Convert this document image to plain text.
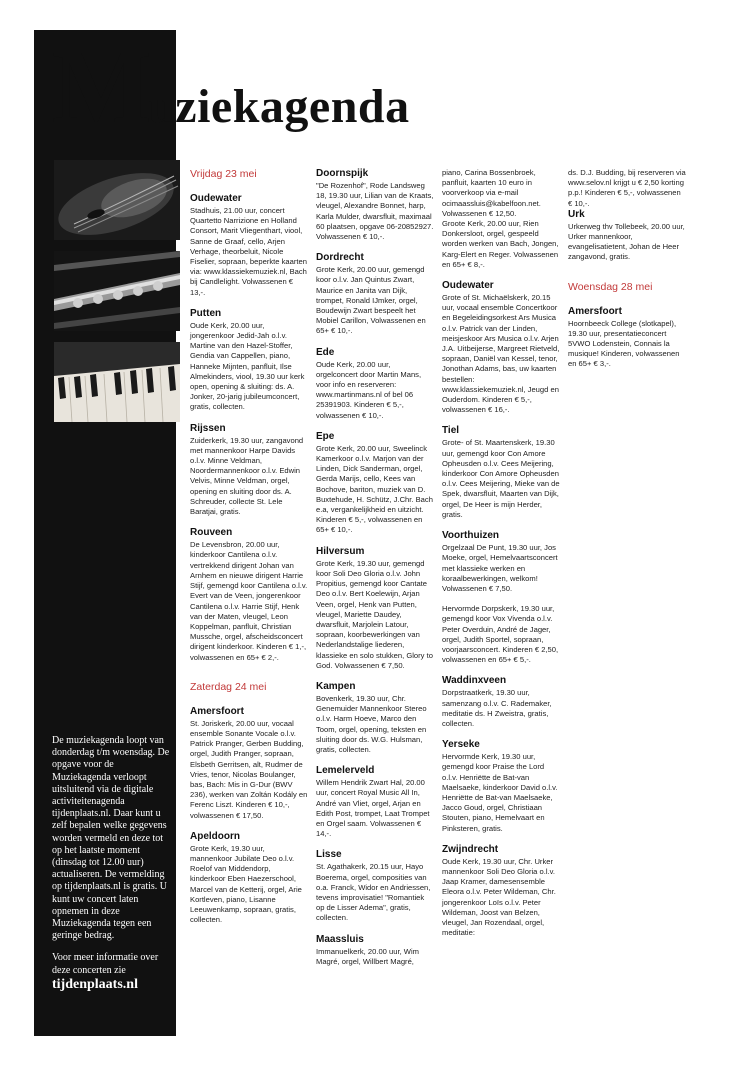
Muziekagenda

De muziekagenda loopt van donderdag t/m woensdag. De opgave voor de Muziekagenda verloopt uitsluitend via de digitale activiteitenagenda tijdenplaats.nl. Daar kunt u zelf bepalen welke gegevens worden vermeld en deze tot op het laatste moment (dinsdag tot 12.00 uur) actualiseren. De vermelding op tijdenplaats.nl is gratis. U kunt uw concert laten opnemen in deze Muziekagenda tegen een geringe bedrag.

Voor meer informatie over deze concerten zie

tijdenplaats.nl
Vrijdag 23 mei
Oudewater

Stadhuis, 21.00 uur, concert Quartetto Narrizione en Holland Consort, Marit Vliegenthart, viool, Sanne de Graaf, cello, Arjen Verhage, theorbeluit, Nicole Fiselier, sopraan, beperkte kaarten via: www.klassiekemuziek.nl, Bach bij Candlelight. Volwassenen € 13,-.

Putten

Oude Kerk, 20.00 uur, jongerenkoor Jedid-Jah o.l.v. Martine van den Hazel-Stoffer, Gendia van Cappellen, piano, Hanneke Mijnten, panfluit, Ilse Almekinders, viool, 19.30 uur kerk open, opening & sluiting: ds. A. Jonker, 20-jarig jubileumconcert, gratis, collecten.

Rijssen

Zuiderkerk, 19.30 uur, zangavond met mannenkoor Harpe Davids o.l.v. Minne Veldman, Noordermannenkoor o.l.v. Edwin Velvis, Minne Veldman, orgel, opening en sluiting door ds. A. Schreuder, collecte St. Lele Baratjai, gratis.

Rouveen

De Levensbron, 20.00 uur, kinderkoor Cantilena o.l.v. vertrekkend dirigent Johan van Arnhem en nieuwe dirigent Harrie Stijf, gemengd koor Cantilena o.l.v. Evert van de Veen, jongerenkoor Cantilena o.l.v. Harrie Stijf, Henk van der Maten, vleugel, Leon Koppelman, panfluit, Christian Mussche, orgel, afscheidsconcert dirigent kinderkoor. Kinderen € 1,-, volwassenen en 65+ € 2,-.

Zaterdag 24 mei
Amersfoort

St. Joriskerk, 20.00 uur, vocaal ensemble Sonante Vocale o.l.v. Patrick Pranger, Gerben Budding, orgel, Judith Pranger, sopraan, Elsbeth Gerritsen, alt, Rudmer de Vries, tenor, Nicolas Boulanger, bas, Bach: Mis in G-Dur (BWV 236), werken van Zoltán Kodály en Ferenc Liszt. Kinderen € 10,-, volwassenen € 17,50.

Apeldoorn

Grote Kerk, 19.30 uur, mannenkoor Jubilate Deo o.l.v. Roelof van Middendorp, kinderkoor Eben Haezerschool, Marcel van de Ketterij, orgel, Arie Kortleven, piano, Lisanne Leeuwenkamp, sopraan, gratis, collecten.

Doornspijk

"De Rozenhof", Rode Landsweg 18, 19.30 uur, Lilian van de Kraats, vleugel, Alexandre Bonnet, harp, Karla Mulder, dwarsfluit, maximaal 60 plaatsen, opgave 06-20852927. Volwassenen € 10,-.

Dordrecht

Grote Kerk, 20.00 uur, gemengd koor o.l.v. Jan Quintus Zwart, Maurice en Janita van Dijk, trompet, Ronald IJmker, orgel, Boudewijn Zwart bespeelt het Mobiel Carillon, Volwassenen en 65+ € 10,-.

Ede

Oude Kerk, 20.00 uur, orgelconcert door Martin Mans, voor info en reserveren: www.martinmans.nl of bel 06 25391903. Kinderen € 5,-, volwassenen € 10,-.

Epe

Grote Kerk, 20.00 uur, Sweelinck Kamerkoor o.l.v. Marjon van der Linden, Dick Sanderman, orgel, Gerda Marijs, cello, Kees van Bochove, bariton, muziek van D. Buxtehude, H. Schütz, J.Chr. Bach e.a, vergankelijkheid en uitzicht. Kinderen € 5,-, volwassenen en 65+ € 10,-.

Hilversum

Grote Kerk, 19.30 uur, gemengd koor Soli Deo Gloria o.l.v. John Propitius, gemengd koor Cantate Deo o.l.v. Bert Koelewijn, Arjan Veen, orgel, Henk van Putten, vleugel, Mariette Daudey, dwarsfluit, Marjolein Latour, sopraan, koorbewerkingen van Nederlandstalige liederen, klassieke en solo stukken, Glory to God. Volwassenen € 7,50.

Kampen

Bovenkerk, 19.30 uur, Chr. Genemuider Mannenkoor Stereo o.l.v. Harm Hoeve, Marco den Toom, orgel, opening, teksten en sluiting door ds. W.G. Hulsman, gratis, collecten.

Lemelerveld

Willem Hendrik Zwart Hal, 20.00 uur, concert Royal Music All In, André van Vliet, orgel, Arjan en Edith Post, trompet, Laat Trompet en Orgel saam. Volwassenen € 14,-.

Lisse

St. Agathakerk, 20.15 uur, Hayo Boerema, orgel, composities van o.a. Franck, Widor en Andriessen, tevens improvisatie! "Romantiek op de Lisser Adema", gratis, collecten.

Maassluis

Immanuelkerk, 20.00 uur, Wim Magré, orgel, Willbert Magré,

piano, Carina Bossenbroek, panfluit, kaarten 10 euro in voorverkoop via e-mail ocimaassluis@kabelfoon.net. Volwassenen € 12,50.

Groote Kerk, 20.00 uur, Rien Donkersloot, orgel, gespeeld worden werken van Bach, Jongen, Karg-Elert en Reger. Volwassenen en 65+ € 8,-.

Oudewater

Grote of St. Michaëlskerk, 20.15 uur, vocaal ensemble Concertkoor en Begeleidingsorkest Ars Musica o.l.v. Patrick van der Linden, meisjeskoor Ars Musica o.l.v. Arjen J.A. Uitbeijerse, Margreet Rietveld, sopraan, Daniël van Kessel, tenor, Jonothan Adams, bas, uw kaarten bestellen: www.klassiekemuziek.nl, Jeugd en Ouderdom. Kinderen € 5,-, volwassenen € 16,-.

Tiel

Grote- of St. Maartenskerk, 19.30 uur, gemengd koor Con Amore Opheusden o.l.v. Cees Meijering, kinderkoor Con Amore Opheusden o.l.v. Cees Meijering, Mieke van de Spek, dwarsfluit, Maarten van Dijk, orgel, De Heer is mijn Herder, gratis.

Voorthuizen

Orgelzaal De Punt, 19.30 uur, Jos Moeke, orgel, Hemelvaartsconcert met klassieke werken en koraalbewerkingen, welkom! Volwassenen € 7,50.

Hervormde Dorpskerk, 19.30 uur, gemengd koor Vox Vivenda o.l.v. Peter Overduin, André de Jager, orgel, Judith Sportel, sopraan, voorjaarsconcert. Kinderen € 2,50, volwassenen en 65+ € 5,-.

Waddinxveen

Dorpstraatkerk, 19.30 uur, samenzang o.l.v. C. Rademaker, meditatie ds. H Zweistra, gratis, collecten.

Yerseke

Hervormde Kerk, 19.30 uur, gemengd koor Praise the Lord o.l.v. Henriëtte de Bat-van Maelsaeke, kinderkoor David o.l.v. Henriëtte de Bat-van Maelsaeke, Jacco Goud, orgel, Christiaan Stouten, piano, Hemelvaart en Pinksteren, gratis.

Zwijndrecht

Oude Kerk, 19.30 uur, Chr. Urker mannenkoor Soli Deo Gloria o.l.v. Jaap Kramer, damesensemble Eleora o.l.v. Peter Wildeman, Chr. jongerenkoor Loïs o.l.v. Peter Wildeman, Joost van Belzen, vleugel, Jan Rozendaal, orgel, meditatie:

ds. D.J. Budding, bij reserveren via www.selov.nl krijgt u € 2,50 korting p.p.! Kinderen € 5,-, volwassenen € 10,-.

Urk

Urkerweg thv Tollebeek, 20.00 uur, Urker mannenkoor, evangelisatietent, Johan de Heer zangavond, gratis.

Woensdag 28 mei
Amersfoort

Hoornbeeck College (slotkapel), 19.30 uur, presentatieconcert 5VWO Lodenstein, Connais la musique! Kinderen, volwassenen en 65+ € 3,-.
